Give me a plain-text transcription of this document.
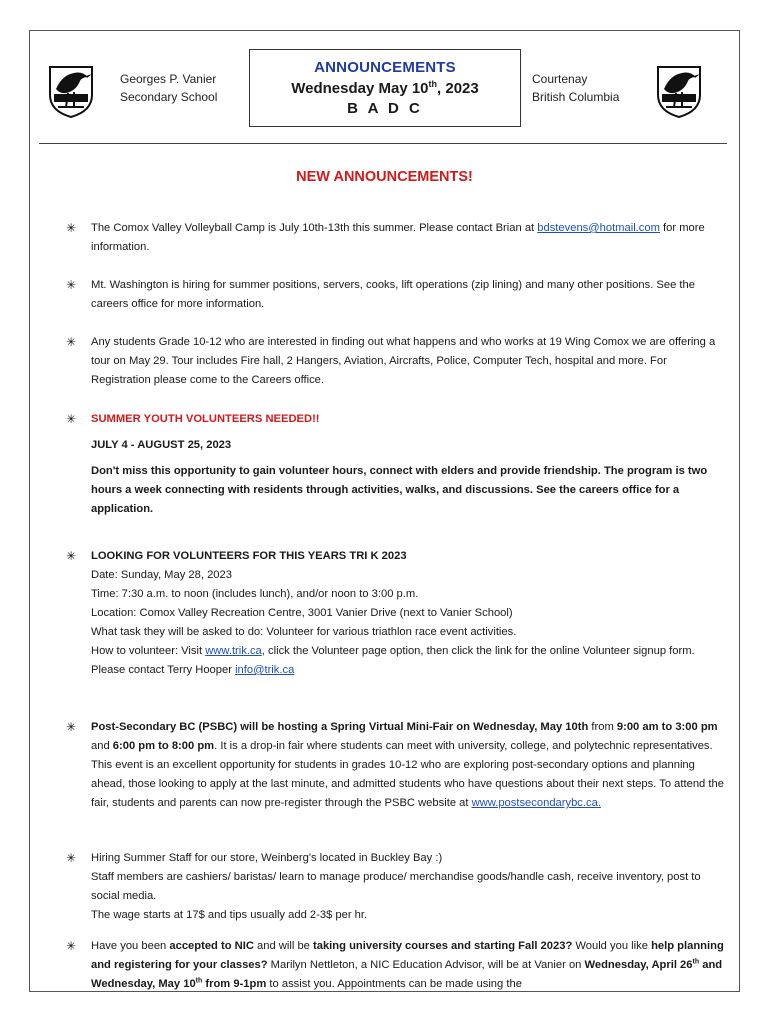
Georges P. Vanier
Secondary School
ANNOUNCEMENTS
Wednesday May 10th, 2023
B A D C
Courtenay
British Columbia
NEW ANNOUNCEMENTS!
✳ The Comox Valley Volleyball Camp is July 10th-13th this summer. Please contact Brian at bdstevens@hotmail.com for more information.
✳ Mt. Washington is hiring for summer positions, servers, cooks, lift operations (zip lining) and many other positions. See the careers office for more information.
✳ Any students Grade 10-12 who are interested in finding out what happens and who works at 19 Wing Comox we are offering a tour on May 29. Tour includes Fire hall, 2 Hangers, Aviation, Aircrafts, Police, Computer Tech, hospital and more. For Registration please come to the Careers office.
✳ SUMMER YOUTH VOLUNTEERS NEEDED!!

JULY 4 - AUGUST 25, 2023

Don't miss this opportunity to gain volunteer hours, connect with elders and provide friendship. The program is two hours a week connecting with residents through activities, walks, and discussions. See the careers office for a application.

✳ LOOKING FOR VOLUNTEERS FOR THIS YEARS TRI K 2023

Date: Sunday, May 28, 2023

Time: 7:30 a.m. to noon (includes lunch), and/or noon to 3:00 p.m.

Location: Comox Valley Recreation Centre, 3001 Vanier Drive (next to Vanier School)

What task they will be asked to do: Volunteer for various triathlon race event activities.

How to volunteer: Visit www.trik.ca, click the Volunteer page option, then click the link for the online Volunteer signup form.

Please contact Terry Hooper info@trik.ca

✳ Post-Secondary BC (PSBC) will be hosting a Spring Virtual Mini-Fair on Wednesday, May 10th from 9:00 am to 3:00 pm and 6:00 pm to 8:00 pm. It is a drop-in fair where students can meet with university, college, and polytechnic representatives. This event is an excellent opportunity for students in grades 10-12 who are exploring post-secondary options and planning ahead, those looking to apply at the last minute, and admitted students who have questions about their next steps. To attend the fair, students and parents can now pre-register through the PSBC website at www.postsecondarybc.ca.
✳ Hiring Summer Staff for our store, Weinberg's located in Buckley Bay :)

Staff members are cashiers/ baristas/ learn to manage produce/ merchandise goods/handle cash, receive inventory, post to social media.

The wage starts at 17$ and tips usually add 2-3$ per hr.

✳ Have you been accepted to NIC and will be taking university courses and starting Fall 2023? Would you like help planning and registering for your classes? Marilyn Nettleton, a NIC Education Advisor, will be at Vanier on Wednesday, April 26th and Wednesday, May 10th from 9-1pm to assist you. Appointments can be made using the
